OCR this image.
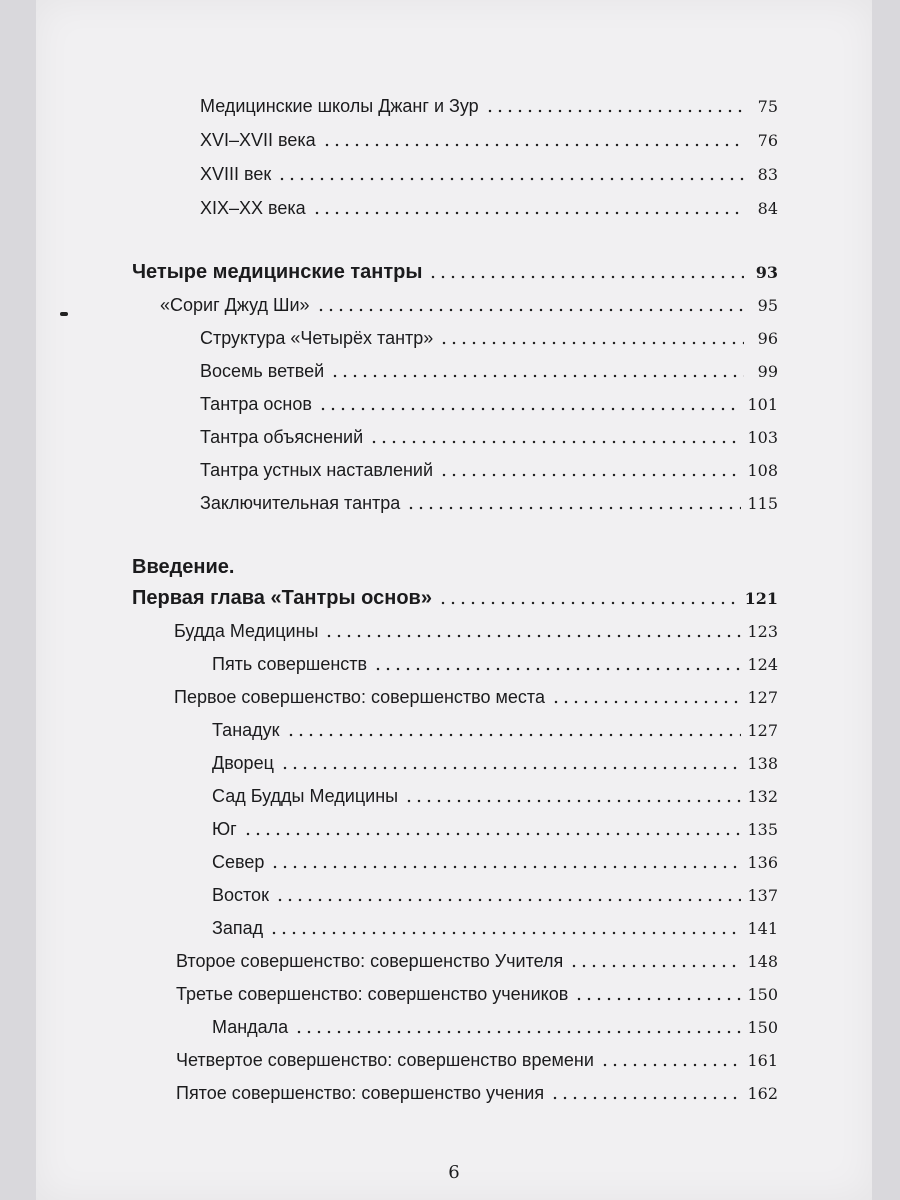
Медицинские школы Джанг и Зур	75
XVI–XVII века	76
XVIII век	83
XIX–XX века	84
Четыре медицинские тантры	93
«Сориг Джуд Ши»	95
Структура «Четырёх тантр»	96
Восемь ветвей	99
Тантра основ	101
Тантра объяснений	103
Тантра устных наставлений	108
Заключительная тантра	115
Первая глава «Тантры основ»	121
Будда Медицины	123
Пять совершенств	124
Первое совершенство: совершенство места	127
Танадук	127
Дворец	138
Сад Будды Медицины	132
Юг	135
Север	136
Восток	137
Запад	141
Второе совершенство: совершенство Учителя	148
Третье совершенство: совершенство учеников	150
Мандала	150
Четвертое совершенство: совершенство времени	161
Пятое совершенство: совершенство учения	162
Введение.
6
